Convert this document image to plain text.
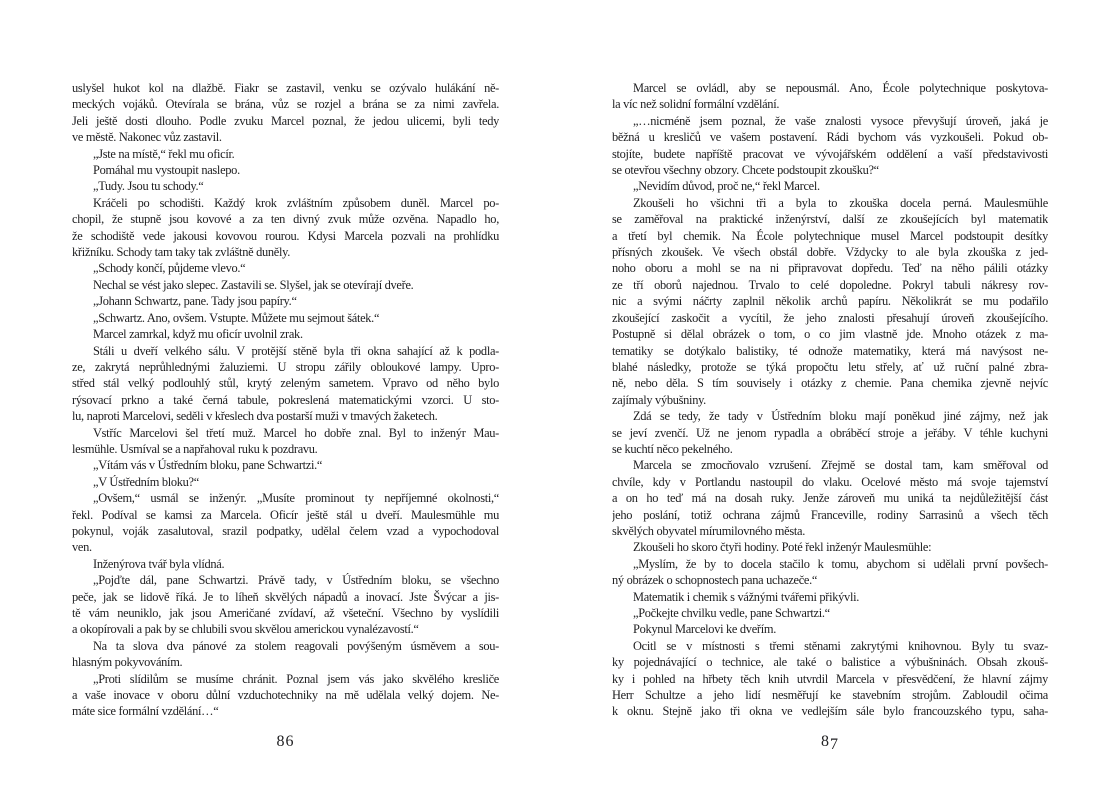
uslyšel hukot kol na dlažbě. Fiakr se zastavil, venku se ozývalo hulákání ně-
meckých vojáků. Otevírala se brána, vůz se rozjel a brána se za nimi zavřela.
Jeli ještě dosti dlouho. Podle zvuku Marcel poznal, že jedou ulicemi, byli tedy
ve městě. Nakonec vůz zastavil.
„Jste na místě,“ řekl mu oficír.
Pomáhal mu vystoupit naslepo.
„Tudy. Jsou tu schody.“
Kráčeli po schodišti. Každý krok zvláštním způsobem duněl. Marcel po-
chopil, že stupně jsou kovové a za ten divný zvuk může ozvěna. Napadlo ho,
že schodiště vede jakousi kovovou rourou. Kdysi Marcela pozvali na prohlídku
křižníku. Schody tam taky tak zvláštně duněly.
„Schody končí, půjdeme vlevo.“
Nechal se vést jako slepec. Zastavili se. Slyšel, jak se otevírají dveře.
„Johann Schwartz, pane. Tady jsou papíry.“
„Schwartz. Ano, ovšem. Vstupte. Můžete mu sejmout šátek.“
Marcel zamrkal, když mu oficír uvolnil zrak.
Stáli u dveří velkého sálu. V protější stěně byla tři okna sahající až k podla-
ze, zakrytá neprůhlednými žaluziemi. U stropu zářily obloukové lampy. Upro-
střed stál velký podlouhlý stůl, krytý zeleným sametem. Vpravo od něho bylo
rýsovací prkno a také černá tabule, pokreslená matematickými vzorci. U sto-
lu, naproti Marcelovi, seděli v křeslech dva postarší muži v tmavých žaketech.
Vstříc Marcelovi šel třetí muž. Marcel ho dobře znal. Byl to inženýr Mau-
lesmühle. Usmíval se a napřahoval ruku k pozdravu.
„Vítám vás v Ústředním bloku, pane Schwartzi.“
„V Ústředním bloku?“
„Ovšem,“ usmál se inženýr. „Musíte prominout ty nepříjemné okolnosti,“
řekl. Podíval se kamsi za Marcela. Oficír ještě stál u dveří. Maulesmühle mu
pokynul, voják zasalutoval, srazil podpatky, udělal čelem vzad a vypochodoval
ven.
Inženýrova tvář byla vlídná.
„Pojďte dál, pane Schwartzi. Právě tady, v Ústředním bloku, se všechno
peče, jak se lidově říká. Je to líheň skvělých nápadů a inovací. Jste Švýcar a jis-
tě vám neuniklo, jak jsou Američané zvídaví, až všeteční. Všechno by vyslídili
a okopírovali a pak by se chlubili svou skvělou americkou vynalézavostí.“
Na ta slova dva pánové za stolem reagovali povýšeným úsměvem a sou-
hlasným pokyvováním.
„Proti slídilům se musíme chránit. Poznal jsem vás jako skvělého kresliče
a vaše inovace v oboru důlní vzduchotechniky na mě udělala velký dojem. Ne-
máte sice formální vzdělání…“
86
Marcel se ovládl, aby se nepousmál. Ano, École polytechnique poskytova-
la víc než solidní formální vzdělání.
„…nicméně jsem poznal, že vaše znalosti vysoce převyšují úroveň, jaká je
běžná u kresličů ve vašem postavení. Rádi bychom vás vyzkoušeli. Pokud ob-
stojíte, budete napříště pracovat ve vývojářském oddělení a vaší představivosti
se otevřou všechny obzory. Chcete podstoupit zkoušku?“
„Nevidím důvod, proč ne,“ řekl Marcel.
Zkoušeli ho všichni tři a byla to zkouška docela perná. Maulesmühle
se zaměřoval na praktické inženýrství, další ze zkoušejících byl matematik
a třetí byl chemik. Na École polytechnique musel Marcel podstoupit desítky
přísných zkoušek. Ve všech obstál dobře. Vždycky to ale byla zkouška z jed-
noho oboru a mohl se na ni připravovat dopředu. Teď na něho pálili otázky
ze tří oborů najednou. Trvalo to celé dopoledne. Pokryl tabuli nákresy rov-
nic a svými náčrty zaplnil několik archů papíru. Několikrát se mu podařilo
zkoušející zaskočit a vycítil, že jeho znalosti přesahují úroveň zkoušejícího.
Postupně si dělal obrázek o tom, o co jim vlastně jde. Mnoho otázek z ma-
tematiky se dotýkalo balistiky, té odnože matematiky, která má navýsost ne-
blahé následky, protože se týká propočtu letu střely, ať už ruční palné zbra-
ně, nebo děla. S tím souvisely i otázky z chemie. Pana chemika zjevně nejvíc
zajímaly výbušniny.
Zdá se tedy, že tady v Ústředním bloku mají poněkud jiné zájmy, než jak
se jeví zvenčí. Už ne jenom rypadla a obráběcí stroje a jeřáby. V téhle kuchyni
se kuchtí něco pekelného.
Marcela se zmocňovalo vzrušení. Zřejmě se dostal tam, kam směřoval od
chvíle, kdy v Portlandu nastoupil do vlaku. Ocelové město má svoje tajemství
a on ho teď má na dosah ruky. Jenže zároveň mu uniká ta nejdůležitější část
jeho poslání, totiž ochrana zájmů Franceville, rodiny Sarrasinů a všech těch
skvělých obyvatel mírumilovného města.
Zkoušeli ho skoro čtyři hodiny. Poté řekl inženýr Maulesmühle:
„Myslím, že by to docela stačilo k tomu, abychom si udělali první povšech-
ný obrázek o schopnostech pana uchazeče.“
Matematik i chemik s vážnými tvářemi přikývli.
„Počkejte chvilku vedle, pane Schwartzi.“
Pokynul Marcelovi ke dveřím.
Ocitl se v místnosti s třemi stěnami zakrytými knihovnou. Byly tu svaz-
ky pojednávající o technice, ale také o balistice a výbušninách. Obsah zkouš-
ky i pohled na hřbety těch knih utvrdil Marcela v přesvědčení, že hlavní zájmy
Herr Schultze a jeho lidí nesměřují ke stavebním strojům. Zabloudil očima
k oknu. Stejně jako tři okna ve vedlejším sále bylo francouzského typu, saha-
87
